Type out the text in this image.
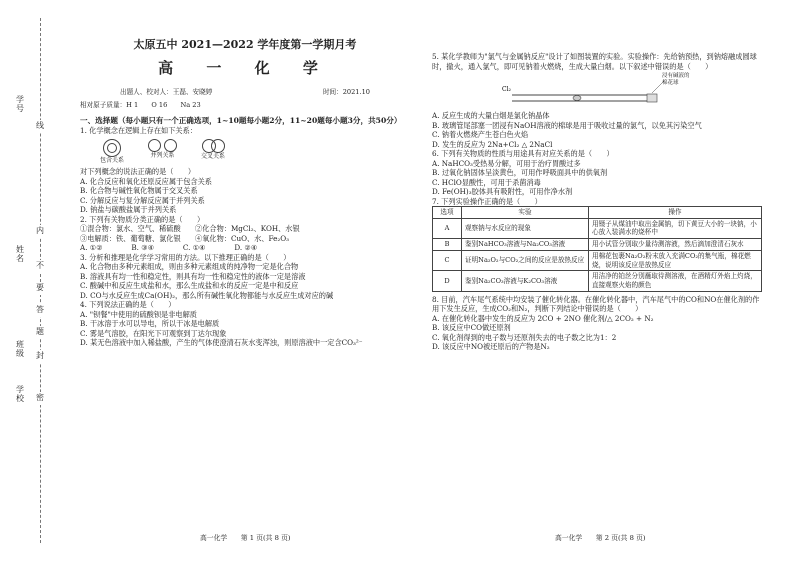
学号
姓名
学校
班级
线
内
不
要
答
题
封
密
太原五中 2021—2022 学年度第一学期月考
高 一 化 学
出题人、校对人：王磊、安晓婷	时间：2021.10

相对原子质量：H 1　　O 16　　Na 23

一、选择题（每小题只有一个正确选项，1~10题每小题2分，11~20题每小题3分，共50分）

1. 化学概念在逻辑上存在如下关系：

包含关系
并列关系	交叉关系

对下列概念的说法正确的是（　　）

A. 化合反应和氧化还原反应属于包含关系

B. 化合物与碱性氧化物属于交叉关系

C. 分解反应与复分解反应属于并列关系

D. 钠盐与碳酸盐属于并列关系

2. 下列有关物质分类正确的是（　　）

①混合物：氯水、空气、稀硫酸　　②化合物：MgCl₂、KOH、水银

③电解质：铁、葡萄糖、氯化银　　④氧化物：CuO、水、Fe₂O₃

A. ①②　　　　B. ③④　　　　C. ①④　　　　D. ②④

3. 分析和推理是化学学习常用的方法。以下推理正确的是（　　）

A. 化合物由多种元素组成，则由多种元素组成的纯净物一定是化合物

B. 溶液具有均一性和稳定性，则具有均一性和稳定性的液体一定是溶液

C. 酸碱中和反应生成盐和水，那么生成盐和水的反应一定是中和反应

D. CO与水反应生成Ca(OH)₂，那么所有碱性氧化物都能与水反应生成对应的碱

4. 下列说法正确的是（　　）

A. "钡餐"中使用的硫酸钡是非电解质

B. 干冰溶于水可以导电，所以干冰是电解质

C. 雾是气溶胶，在阳光下可观察到丁达尔现象

D. 某无色溶液中加入稀盐酸，产生的气体使澄清石灰水变浑浊，则原溶液中一定含CO₃²⁻

高一化学　　第 1 页(共 8 页)

5. 某化学教师为"氯气与金属钠反应"设计了如图装置的实验。实验操作：先给钠预热，到钠熔融成圆球时，撤火，通入氯气，即可见钠着火燃烧，生成大量白烟。以下叙述中错误的是（　　）

Cl₂
浸有碱液的棉花球

A. 反应生成的大量白烟是氯化钠晶体

B. 玻璃管尾部塞一团浸有NaOH溶液的棉球是用于吸收过量的氯气，以免其污染空气

C. 钠着火燃烧产生苍白色火焰

D. 发生的反应为 2Na+Cl₂ △ 2NaCl

6. 下列有关物质的性质与用途具有对应关系的是（　　）

A. NaHCO₃受热易分解，可用于治疗胃酸过多

B. 过氧化钠固体呈淡黄色，可用作呼吸面具中的供氧剂

C. HClO显酸性，可用于杀菌消毒

D. Fe(OH)₃胶体具有吸附性，可用作净水剂

7. 下列实验操作正确的是（　　）

选项	实验	操作
A	观察钠与水反应的现象	用镊子从煤油中取出金属钠，切下黄豆大小的一块钠，小心放入装满水的烧杯中
B	鉴别NaHCO₃溶液与Na₂CO₃溶液	用小试管分别取少量待测溶液，然后滴加澄清石灰水
C	证明Na₂O₂与CO₂之间的反应是放热反应	用棉花包裹Na₂O₂粉末放入充满CO₂的集气瓶，棉花燃烧，说明该反应是放热反应
D	鉴别Na₂CO₃溶液与K₂CO₃溶液	用洁净的铂丝分别蘸取待测溶液，在酒精灯外焰上灼烧，直接观察火焰的颜色

8. 目前，汽车尾气系统中均安装了催化转化器。在催化转化器中，汽车尾气中的CO和NO在催化剂的作用下发生反应，生成CO₂和N₂，判断下列结论中错误的是（　　）

A. 在催化转化器中发生的反应为 2CO + 2NO 催化剂/△ 2CO₂ + N₂

B. 该反应中CO做还原剂

C. 氧化剂得到的电子数与还原剂失去的电子数之比为1：2

D. 该反应中NO被还原后的产物是N₂

高一化学　　第 2 页(共 8 页)
